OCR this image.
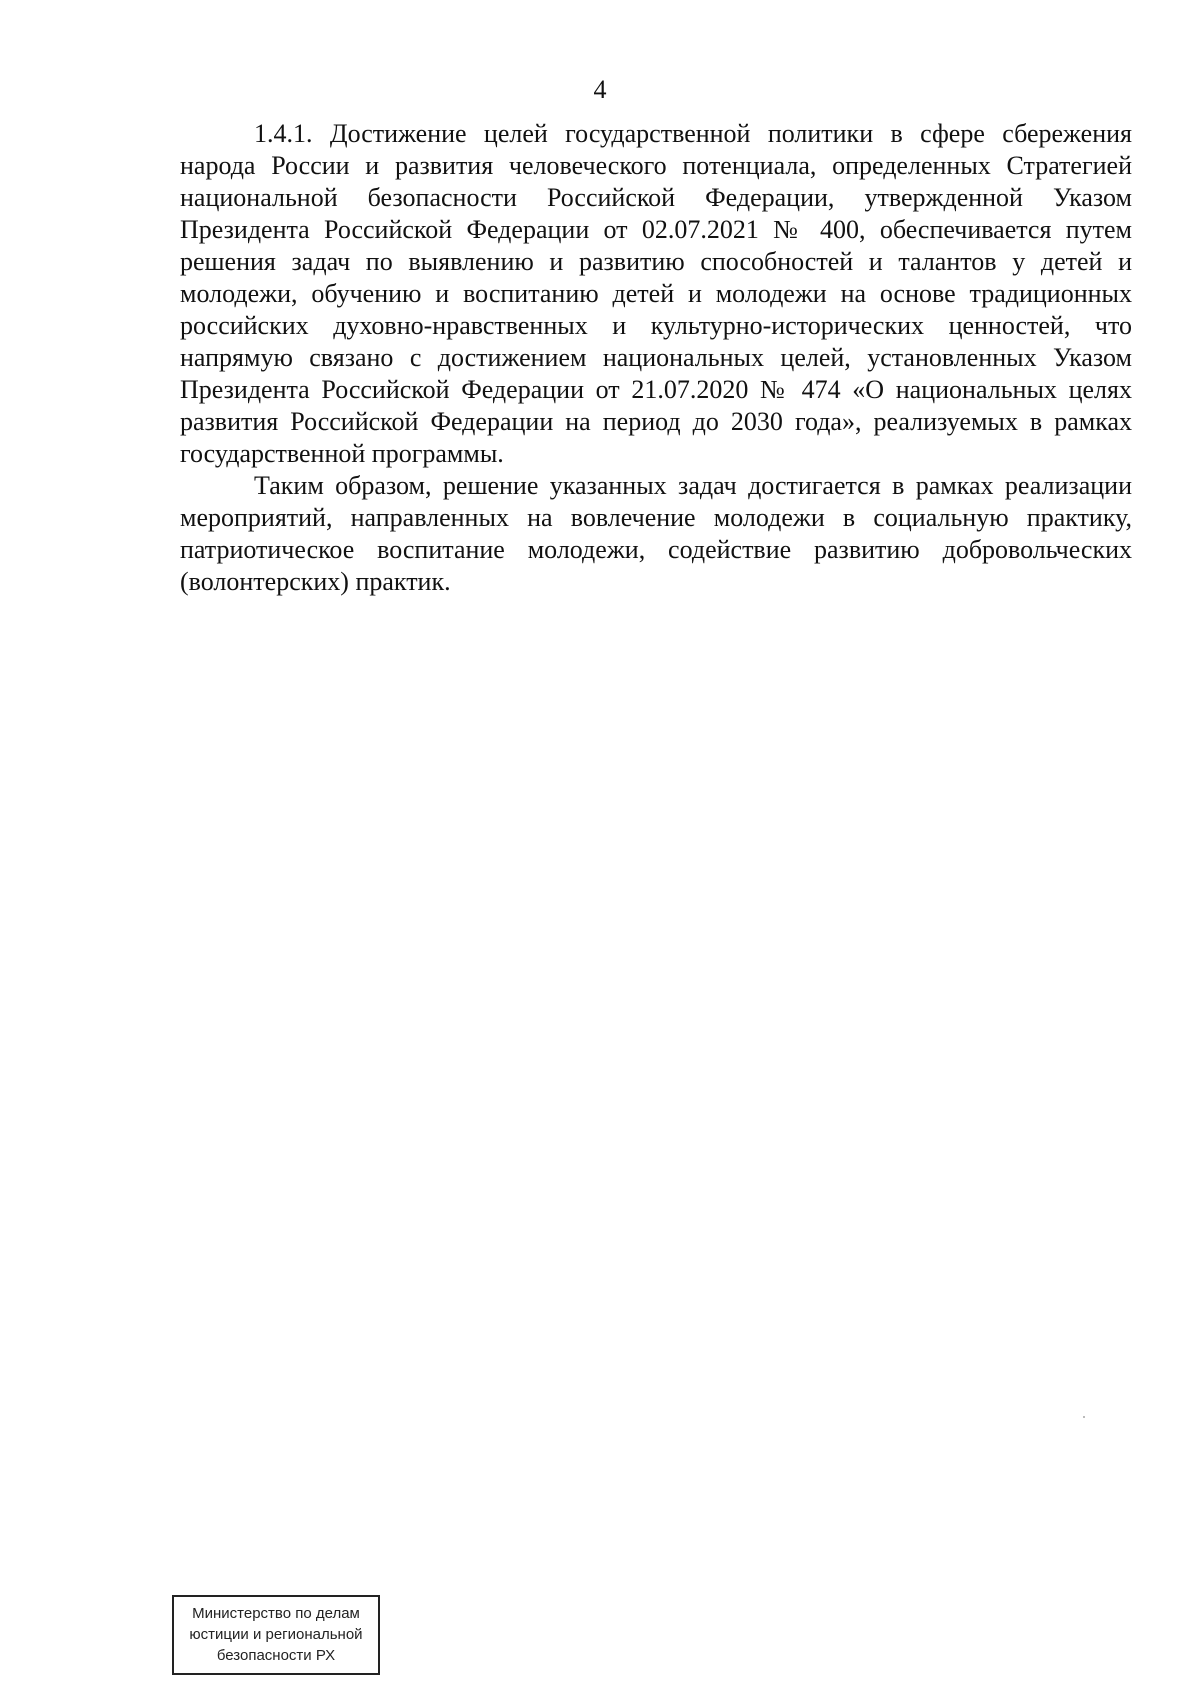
4

1.4.1. Достижение целей государственной политики в сфере сбережения народа России и развития человеческого потенциала, определенных Стратегией национальной безопасности Российской Федерации, утвержденной Указом Президента Российской Федерации от 02.07.2021 № 400, обеспечивается путем решения задач по выявлению и развитию способностей и талантов у детей и молодежи, обучению и воспитанию детей и молодежи на основе традиционных российских духовно-нравственных и культурно-исторических ценностей, что напрямую связано с достижением национальных целей, установленных Указом Президента Российской Федерации от 21.07.2020 № 474 «О национальных целях развития Российской Федерации на период до 2030 года», реализуемых в рамках государственной программы.

Таким образом, решение указанных задач достигается в рамках реализации мероприятий, направленных на вовлечение молодежи в социальную практику, патриотическое воспитание молодежи, содействие развитию добровольческих (волонтерских) практик.

Министерство по делам
юстиции и региональной
безопасности РХ
